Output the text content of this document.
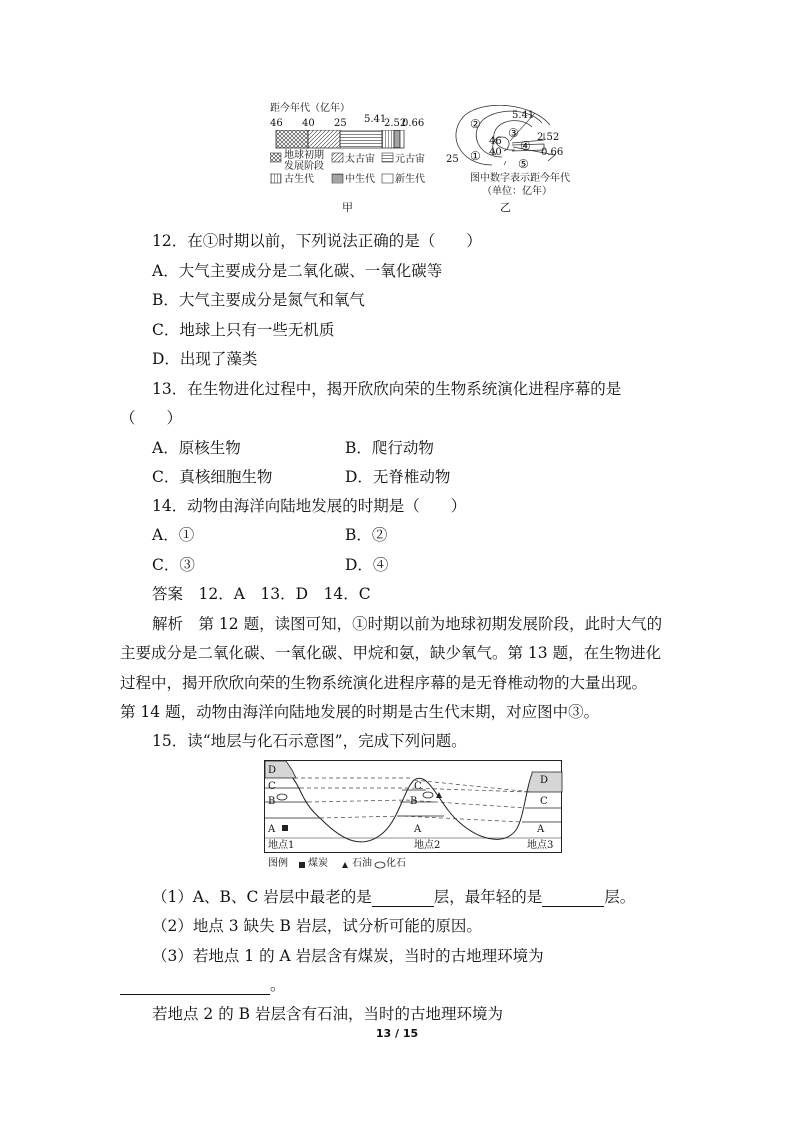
距今年代（亿年）
46 40 25 5.41
2.52
0.66
地球初期
发展阶段
太古宙 元古宙
古生代	中生代 新生代
甲
5.41
2.52
0.66
46
40
25
②
①
③
④
⑤
图中数字表示距今年代
（单位：亿年）
乙
12．在①时期以前，下列说法正确的是（　　）
A．大气主要成分是二氧化碳、一氧化碳等
B．大气主要成分是氮气和氧气
C．地球上只有一些无机质
D．出现了藻类
13．在生物进化过程中，揭开欣欣向荣的生物系统演化进程序幕的是
（　　）
A．原核生物	B．爬行动物
C．真核细胞生物	D．无脊椎动物
14．动物由海洋向陆地发展的时期是（　　）
A．①	B．②
C．③	D．④
答案　12．A　13．D　14．C
解析　第 12 题，读图可知，①时期以前为地球初期发展阶段，此时大气的
主要成分是二氧化碳、一氧化碳、甲烷和氨，缺少氧气。第 13 题，在生物进化
过程中，揭开欣欣向荣的生物系统演化进程序幕的是无脊椎动物的大量出现。
第 14 题，动物由海洋向陆地发展的时期是古生代末期，对应图中③。
15．读“地层与化石示意图”，完成下列问题。
D
C
B
A
C
B
A
D
C
A
地点1	地点2	地点3
图例 煤炭 石油 化石
（1）A、B、C 岩层中最老的是	层，最年轻的是	层。
（2）地点 3 缺失 B 岩层，试分析可能的原因。
（3）若地点 1 的 A 岩层含有煤炭，当时的古地理环境为
。
若地点 2 的 B 岩层含有石油，当时的古地理环境为
13 / 15
